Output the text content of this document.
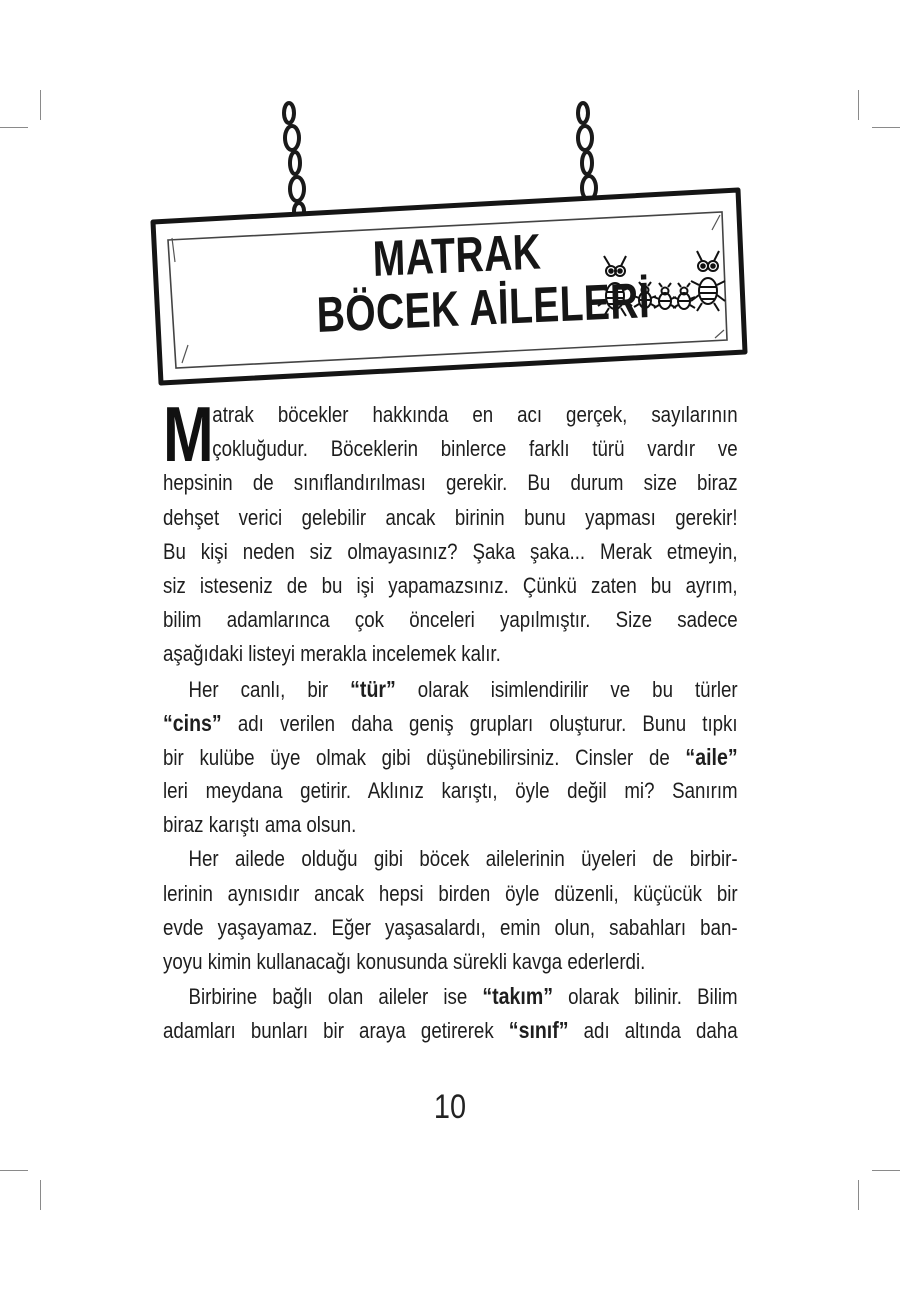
MATRAK
BÖCEK AİLELERİ
M
atrak böcekler hakkında en acı gerçek, sayılarının
çokluğudur. Böceklerin binlerce farklı türü vardır ve
hepsinin de sınıflandırılması gerekir. Bu durum size biraz
dehşet verici gelebilir ancak birinin bunu yapması gerekir!
Bu kişi neden siz olmayasınız? Şaka şaka... Merak etmeyin,
siz isteseniz de bu işi yapamazsınız. Çünkü zaten bu ayrım,
bilim adamlarınca çok önceleri yapılmıştır. Size sadece
aşağıdaki listeyi merakla incelemek kalır.
Her canlı, bir “tür” olarak isimlendirilir ve bu türler
“cins” adı verilen daha geniş grupları oluşturur. Bunu tıpkı
bir kulübe üye olmak gibi düşünebilirsiniz. Cinsler de “aile”
leri meydana getirir. Aklınız karıştı, öyle değil mi? Sanırım
biraz karıştı ama olsun.
Her ailede olduğu gibi böcek ailelerinin üyeleri de birbir-
lerinin aynısıdır ancak hepsi birden öyle düzenli, küçücük bir
evde yaşayamaz. Eğer yaşasalardı, emin olun, sabahları ban-
yoyu kimin kullanacağı konusunda sürekli kavga ederlerdi.
Birbirine bağlı olan aileler ise “takım” olarak bilinir. Bilim
adamları bunları bir araya getirerek “sınıf” adı altında daha
10
